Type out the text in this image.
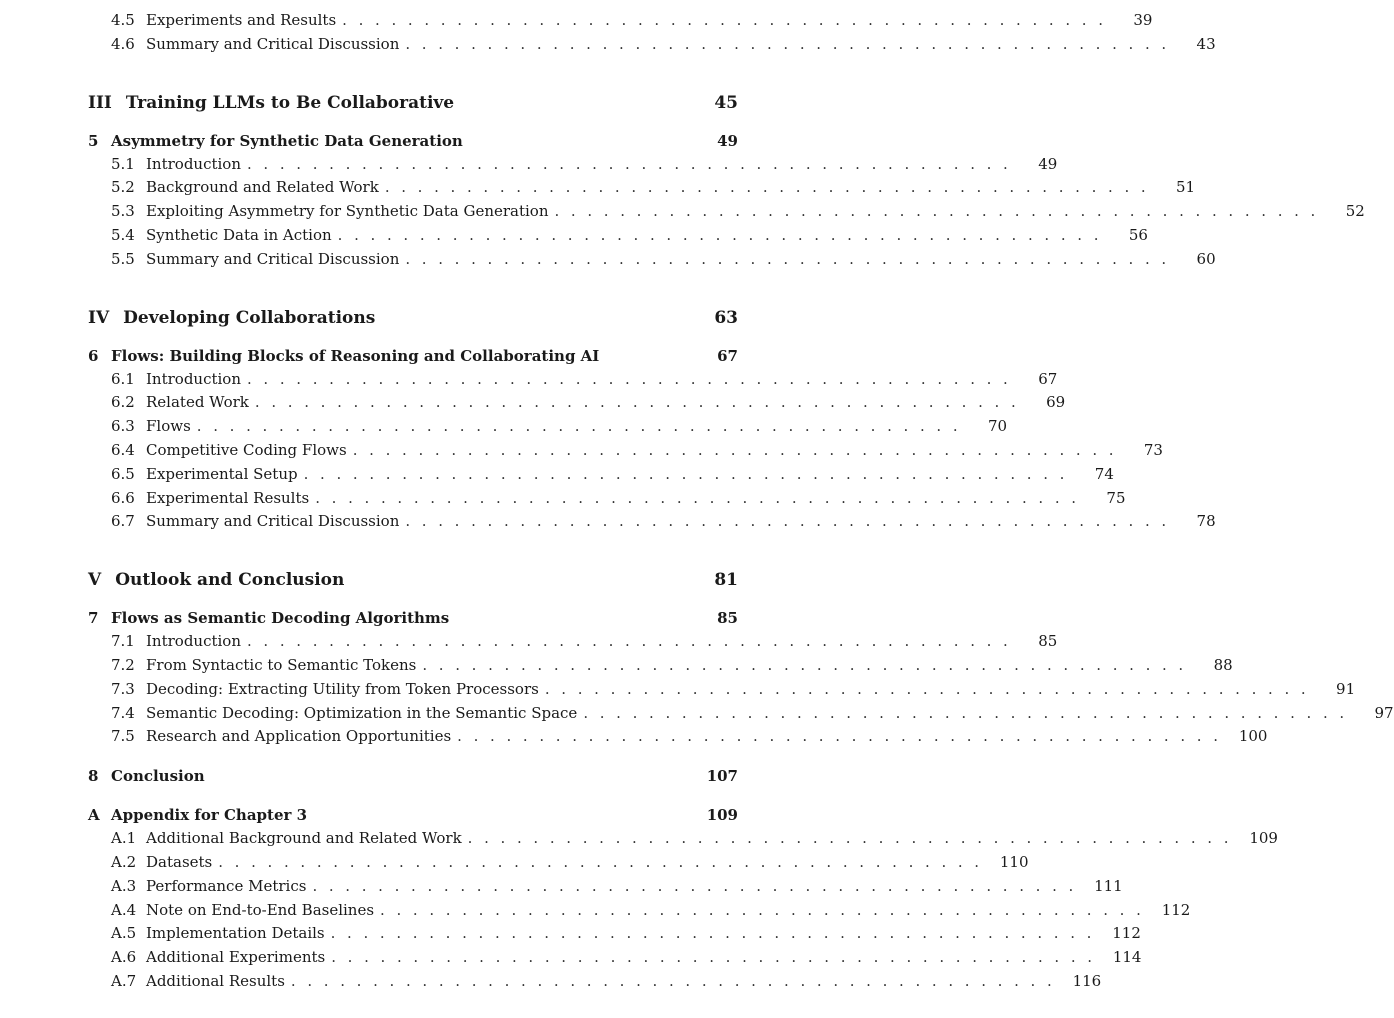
4.5 Experiments and Results . . . . . . . . . . . . . . . . . . . . . . . . . . . . . . . . . . . . . . . . . . . . . . .	39
4.6 Summary and Critical Discussion . . . . . . . . . . . . . . . . . . . . . . . . . . . . . . . . . . . . . . . . . . . . . . .	43
III Training LLMs to Be Collaborative	45
5 Asymmetry for Synthetic Data Generation	49
5.1 Introduction . . . . . . . . . . . . . . . . . . . . . . . . . . . . . . . . . . . . . . . . . . . . . . .	49
5.2 Background and Related Work . . . . . . . . . . . . . . . . . . . . . . . . . . . . . . . . . . . . . . . . . . . . . . .	51
5.3 Exploiting Asymmetry for Synthetic Data Generation . . . . . . . . . . . . . . . . . . . . . . . . . . . . . . . . . . . . . . . . . . . . . . .	52
5.4 Synthetic Data in Action . . . . . . . . . . . . . . . . . . . . . . . . . . . . . . . . . . . . . . . . . . . . . . .	56
5.5 Summary and Critical Discussion . . . . . . . . . . . . . . . . . . . . . . . . . . . . . . . . . . . . . . . . . . . . . . .	60
IV Developing Collaborations	63
6 Flows: Building Blocks of Reasoning and Collaborating AI	67
6.1 Introduction . . . . . . . . . . . . . . . . . . . . . . . . . . . . . . . . . . . . . . . . . . . . . . .	67
6.2 Related Work . . . . . . . . . . . . . . . . . . . . . . . . . . . . . . . . . . . . . . . . . . . . . . .	69
6.3 Flows . . . . . . . . . . . . . . . . . . . . . . . . . . . . . . . . . . . . . . . . . . . . . . .	70
6.4 Competitive Coding Flows . . . . . . . . . . . . . . . . . . . . . . . . . . . . . . . . . . . . . . . . . . . . . . .	73
6.5 Experimental Setup . . . . . . . . . . . . . . . . . . . . . . . . . . . . . . . . . . . . . . . . . . . . . . .	74
6.6 Experimental Results . . . . . . . . . . . . . . . . . . . . . . . . . . . . . . . . . . . . . . . . . . . . . . .	75
6.7 Summary and Critical Discussion . . . . . . . . . . . . . . . . . . . . . . . . . . . . . . . . . . . . . . . . . . . . . . .	78
V Outlook and Conclusion	81
7 Flows as Semantic Decoding Algorithms	85
7.1 Introduction . . . . . . . . . . . . . . . . . . . . . . . . . . . . . . . . . . . . . . . . . . . . . . .	85
7.2 From Syntactic to Semantic Tokens . . . . . . . . . . . . . . . . . . . . . . . . . . . . . . . . . . . . . . . . . . . . . . .	88
7.3 Decoding: Extracting Utility from Token Processors . . . . . . . . . . . . . . . . . . . . . . . . . . . . . . . . . . . . . . . . . . . . . . .	91
7.4 Semantic Decoding: Optimization in the Semantic Space . . . . . . . . . . . . . . . . . . . . . . . . . . . . . . . . . . . . . . . . . . . . . . .	97
7.5 Research and Application Opportunities . . . . . . . . . . . . . . . . . . . . . . . . . . . . . . . . . . . . . . . . . . . . . . .	100
8 Conclusion	107
A Appendix for Chapter 3	109
A.1 Additional Background and Related Work . . . . . . . . . . . . . . . . . . . . . . . . . . . . . . . . . . . . . . . . . . . . . . .	109
A.2 Datasets . . . . . . . . . . . . . . . . . . . . . . . . . . . . . . . . . . . . . . . . . . . . . . .	110
A.3 Performance Metrics . . . . . . . . . . . . . . . . . . . . . . . . . . . . . . . . . . . . . . . . . . . . . . .	111
A.4 Note on End-to-End Baselines . . . . . . . . . . . . . . . . . . . . . . . . . . . . . . . . . . . . . . . . . . . . . . .	112
A.5 Implementation Details . . . . . . . . . . . . . . . . . . . . . . . . . . . . . . . . . . . . . . . . . . . . . . .	112
A.6 Additional Experiments . . . . . . . . . . . . . . . . . . . . . . . . . . . . . . . . . . . . . . . . . . . . . . .	114
A.7 Additional Results . . . . . . . . . . . . . . . . . . . . . . . . . . . . . . . . . . . . . . . . . . . . . . .	116
